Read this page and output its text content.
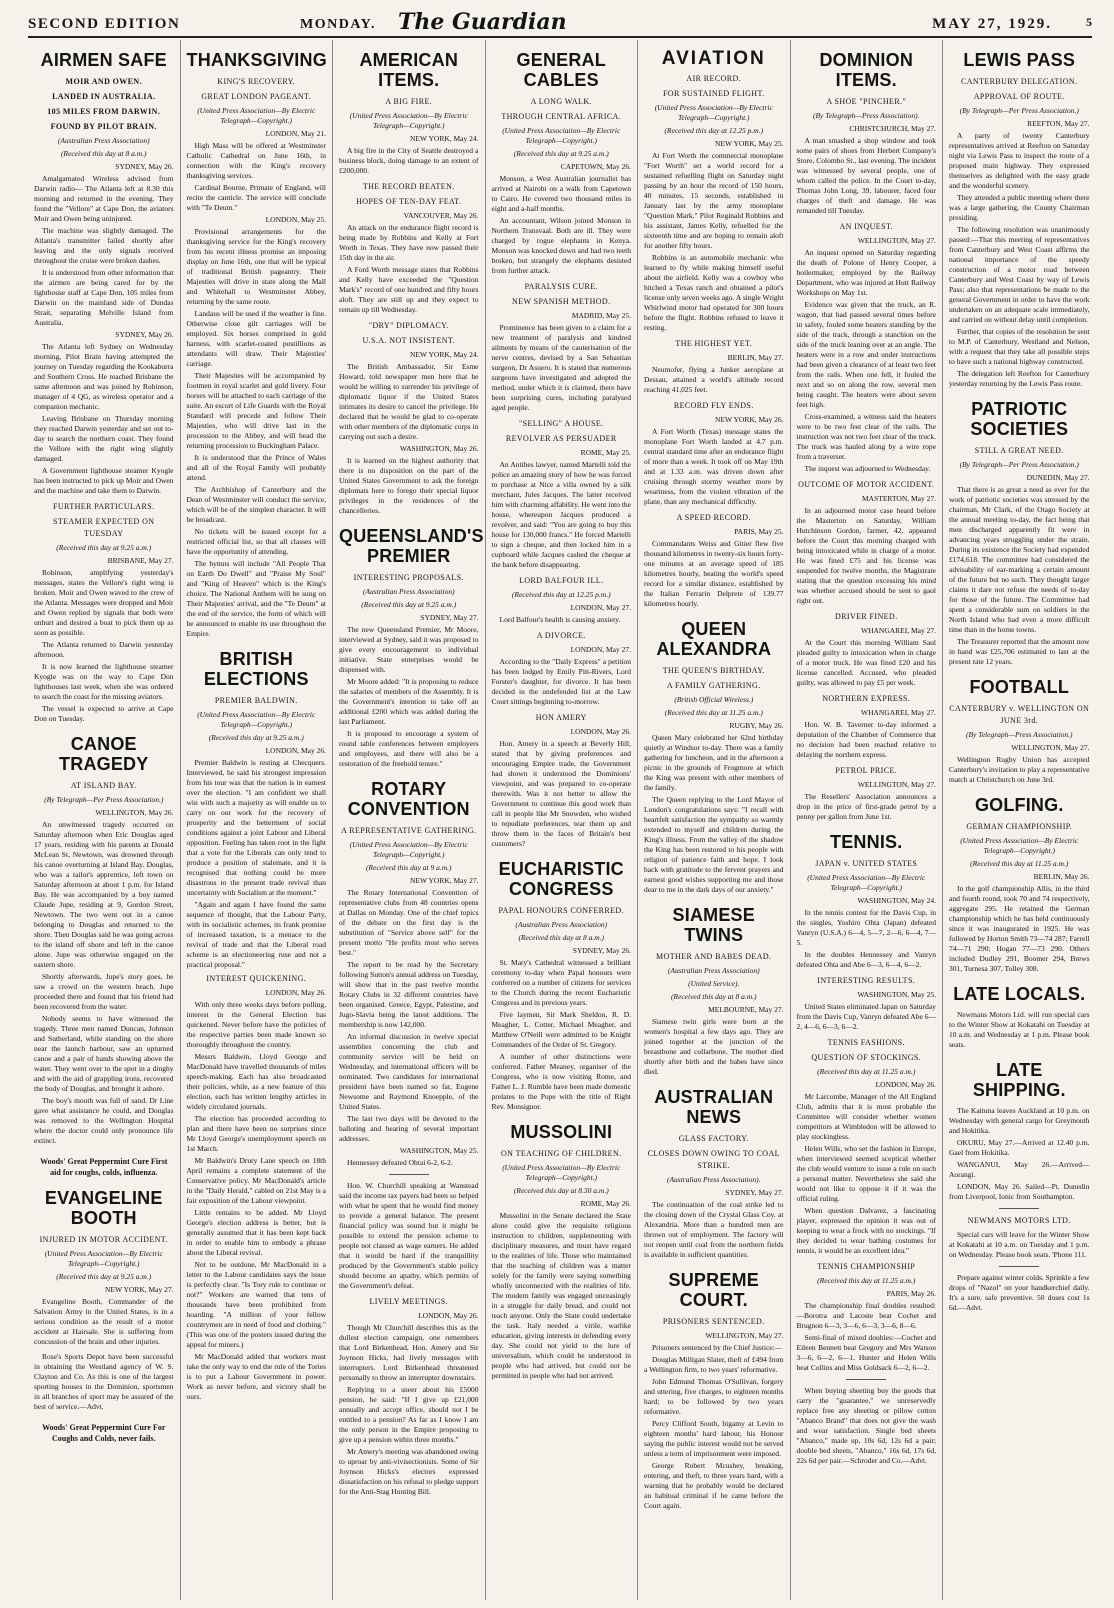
SECOND EDITION	MONDAY.	The Guardian	MAY 27, 1929.	5
AIRMEN SAFE
MOIR AND OWEN.
LANDED IN AUSTRALIA.
105 MILES FROM DARWIN.
FOUND BY PILOT BRAIN.
(Australian Press Association)
(Received this day at 8 a.m.)
SYDNEY, May 26.

Amalgamated Wireless advised from Darwin radio— The Atlanta left at 8.30 this morning and returned in the evening. They found the "Vellore" at Cape Don, the aviators Moir and Owen being uninjured.

The machine was slightly damaged. The Atlanta's transmitter failed shortly after leaving and the only signals received throughout the cruise were broken dashes.

It is understood from other information that the airmen are being cared for by the lighthouse staff at Cape Don, 105 miles from Darwin on the mainland side of Dundas Strait, separating Melville Island from Australia.

SYDNEY, May 26.

The Atlanta left Sydney on Wednesday morning, Pilot Brain having attempted the journey on Tuesday regarding the Kookaburra and Southern Cross. He reached Brisbane the same afternoon and was joined by Robinson, manager of 4 QG, as wireless operator and a companion mechanic.

Leaving Brisbane on Thursday morning they reached Darwin yesterday and set out to-day to search the northern coast. They found the Vellore with the right wing slightly damaged.

A Government lighthouse steamer Kyogle has been instructed to pick up Moir and Owen and the machine and take them to Darwin.

FURTHER PARTICULARS.
STEAMER EXPECTED ON TUESDAY
(Received this day at 9.25 a.m.)
BRISBANE, May 27.

Robinson, amplifying yesterday's messages, states the Vellore's right wing is broken. Moir and Owen waved to the crew of the Atlanta. Messages were dropped and Moir and Owen replied by signals that both were unhurt and desired a boat to pick them up as soon as possible.

The Atlanta returned to Darwin yesterday afternoon.

It is now learned the lighthouse steamer Kyogle was on the way to Cape Don lighthouses last week, when she was ordered to search the coast for the missing aviators.

The vessel is expected to arrive at Cape Don on Tuesday.

CANOE TRAGEDY
AT ISLAND BAY.
(By Telegraph—Per Press Association.)
WELLINGTON, May 26.

An unwitnessed tragedy occurred on Saturday afternoon when Eric Douglas aged 17 years, residing with his parents at Donald McLean St, Newtown, was drowned through his canoe overturning at Island Bay. Douglas, who was a tailor's apprentice, left town on Saturday afternoon at about 1 p.m. for Island Bay. He was accompanied by a boy named Claude Jupe, residing at 9, Gordon Street, Newtown. The two went out in a canoe belonging to Douglas and returned to the shore. Then Douglas said he was going across to the island off shore and left in the canoe alone. Jupe was otherwise engaged on the eastern shore.

Shortly afterwards, Jupe's story goes, he saw a crowd on the western beach. Jupe proceeded there and found that his friend had been recovered from the water.

Nobody seems to have witnessed the tragedy. Three men named Duncan, Johnson and Sutherland, while standing on the shore near the launch harbour, saw an upturned canoe and a pair of hands showing above the water. They went over to the spot in a dinghy and with the aid of grappling irons, recovered the body of Douglas, and brought it ashore.

The boy's mouth was full of sand. Dr Line gave what assistance he could, and Douglas was removed to the Wellington Hospital where the doctor could only pronounce life extinct.

Woods' Great Peppermint Cure First aid for coughs, colds, influenza.
EVANGELINE BOOTH
INJURED IN MOTOR ACCIDENT.
(United Press Association—By Electric Telegraph—Copyright.)
(Received this day at 9.25 a.m.)
NEW YORK, May 27.

Evangeline Booth, Commander of the Salvation Army in the United States, is in a serious condition as the result of a motor accident at Hairsale. She is suffering from concussion of the brain and other injuries.

Rose's Sports Depot have been successful in obtaining the Westland agency of W. S. Clayton and Co. As this is one of the largest sporting houses in the Dominion, sportsmen in all branches of sport may be assured of the best of service.—Advt.

Woods' Great Peppermint Cure For Coughs and Colds, never fails.
THANKSGIVING
KING'S RECOVERY.
GREAT LONDON PAGEANT.
(United Press Association—By Electric Telegraph—Copyright.)
LONDON, May 21.

High Mass will be offered at Westminster Catholic Cathedral on June 16th, in connection with the King's recovery thanksgiving services.

Cardinal Bourne, Primate of England, will recite the canticle. The service will conclude with "Te Deum."

LONDON, May 25.

Provisional arrangements for the thanksgiving service for the King's recovery from his recent illness promise an imposing display on June 16th, one that will be typical of traditional British pageantry. Their Majesties will drive in state along the Mall and Whitehall to Westminster Abbey, returning by the same route.

Landaus will be used if the weather is fine. Otherwise close gilt carriages will be employed. Six horses comprised in gold harness, with scarlet-coated postillions as attendants will draw. Their Majesties' carriage.

Their Majesties will be accompanied by footmen in royal scarlet and gold livery. Four horses will be attached to each carriage of the suite. An escort of Life Guards with the Royal Standard will precede and follow Their Majesties, who will drive last in the procession to the Abbey, and will head the returning procession to Buckingham Palace.

It is understood that the Prince of Wales and all of the Royal Family will probably attend.

The Archbishop of Canterbury and the Dean of Westminster will conduct the service, which will be of the simplest character. It will be broadcast.

No tickets will be issued except for a restricted official list, so that all classes will have the opportunity of attending.

The hymns will include "All People That on Earth Do Dwell" and "Praise My Soul" and "King of Heaven" which is the King's choice. The National Anthem will be sung on Their Majesties' arrival, and the "Te Deum" at the end of the service, the form of which will be announced to enable its use throughout the Empire.

BRITISH ELECTIONS
PREMIER BALDWIN.
(United Press Association—By Electric Telegraph—Copyright.)
(Received this day at 9.25 a.m.)
LONDON, May 26.

Premier Baldwin is resting at Checquers. Interviewed, he said his strongest impression from his tour was that the nation is in earnest over the election. "I am confident we shall win with such a majority as will enable us to carry on our work for the recovery of prosperity and the betterment of social conditions against a joint Labour and Liberal opposition. Feeling has taken root in the fight that a vote for the Liberals can only tend to produce a position of stalemate, and it is recognised that nothing could be more disastrous to the present trade revival than uncertainty with Socialism at the moment."

"Again and again I have found the same sequence of thought, that the Labour Party, with its socialistic schemes, its frank promise of increased taxation, is a menace to the revival of trade and that the Liberal road scheme is an electioneering ruse and not a practical proposal."

INTEREST QUICKENING.
LONDON, May 26.

With only three weeks days before polling, interest in the General Election has quickened. Never before have the policies of the respective parties been made known so thoroughly throughout the country.

Messrs Baldwin, Lloyd George and MacDonald have travelled thousands of miles speech-making. Each has also broadcasted their policies, while, as a new feature of this election, each has written lengthy articles in widely circulated journals.

The election has proceeded according to plan and there have been no surprises since Mr Lloyd George's unemployment speech on 1st March.

Mr Baldwin's Drury Lane speech on 18th April remains a complete statement of the Conservative policy. Mr MacDonald's article in the "Daily Herald," cabled on 21st May is a fair exposition of the Labour viewpoint.

Little remains to be added. Mr Lloyd George's election address is better, but is generally assumed that it has been kept back in order to enable him to embody a phrase about the Liberal revival.

Not to be outdone, Mr MacDonald in a letter to the Labour candidates says the issue is perfectly clear. "Is Tory rule to continue or not?" Workers are warned that tens of thousands have been prohibited from hoarding. "A million of your fellow countrymen are in need of food and clothing." (This was one of the posters issued during the appeal for miners.)

Mr MacDonald added that workers must take the only way to end the rule of the Tories is to put a Labour Government in power. Work as never before, and victory shall be ours.

AMERICAN ITEMS.
A BIG FIRE.
(United Press Association—By Electric Telegraph—Copyright.)
NEW YORK, May 24.

A big fire in the City of Seattle destroyed a business block, doing damage to an extent of £200,000.

THE RECORD BEATEN.
HOPES OF TEN-DAY FEAT.
VANCOUVER, May 26.

An attack on the endurance flight record is being made by Robbins and Kelly at Fort Worth in Texas. They have now passed their 15th day in the air.

A Ford Worth message states that Robbins and Kelly have exceeded the "Question Mark's" record of one hundred and fifty hours aloft. They are still up and they expect to remain up till Wednesday.

"DRY" DIPLOMACY.
U.S.A. NOT INSISTENT.
NEW YORK, May 24.

The British Ambassador, Sir Esme Howard, told newspaper men here that he would be willing to surrender his privilege of diplomatic liquor if the United States intimates its desire to cancel the privilege. He declared that he would be glad to co-operate with other members of the diplomatic corps in carrying out such a desire.

WASHINGTON, May 26.

It is learned on the highest authority that there is no disposition on the part of the United States Government to ask the foreign diplomats here to forego their special liquor privileges in the residences of the chancelleries.

QUEENSLAND'S PREMIER
INTERESTING PROPOSALS.
(Australian Press Association)
(Received this day at 9.25 a.m.)
SYDNEY, May 27.

The new Queensland Premier, Mr Moore, interviewed at Sydney, said it was proposed to give every encouragement to individual initiative. State enterprises would be dispensed with.

Mr Moore added: "It is proposing to reduce the salaries of members of the Assembly. It is the Government's intention to take off an additional £200 which was added during the last Parliament.

It is proposed to encourage a system of round table conferences between employers and employees, and there will also be a restoration of the freehold tenure."

ROTARY CONVENTION
A REPRESENTATIVE GATHERING.
(United Press Association—By Electric Telegraph—Copyright.)
(Received this day at 9 a.m.)
NEW YORK, May 27.

The Rotary International Convention of representative clubs from 48 countries opens at Dallas on Monday. One of the chief topics of the debate on the first day is the substitution of "Service above self" for the present motto "He profits most who serves best."

The report to be read by the Secretary following Sutton's annual address on Tuesday, will show that in the past twelve months Rotary Clubs in 32 different countries have been organised. Greece, Egypt, Palestine, and Jugo-Slavia being the latest additions. The membership is now 142,000.

An informal discussion in twelve special assemblies concerning the club and community service will be held on Wednesday, and international officers will be nominated. Two candidates for international president have been named so far, Eugene Newsome and Raymond Knoepple, of the United States.

The last two days will be devoted to the balloting and hearing of several important addresses.

WASHINGTON, May 25.

Hennessey defeated Ohtai 6-2, 6-2.

Hon. W. Churchill speaking at Wanstead said the income tax payers had been so helped with what he spent that he would find money to provide a general balance. The present financial policy was sound but it might be possible to extend the pension scheme to people not classed as wage earners. He added that it would be hard if the tranquillity produced by the Government's stable policy should become an apathy, which permits of the Government's defeat.

LIVELY MEETINGS.
LONDON, May 26.

Though Mr Churchill describes this as the dullest election campaign, one remembers that Lord Birkenhead, Hon. Amery and Sir Joynson Hicks, had lively messages with interrupters. Lord Birkenhead threatened personally to throw an interrupter downstairs.

Replying to a sneer about his £5000 pension, he said: "If I give up £21,000 annually and accept office, should not I be entitled to a pension? As far as I know I am the only person in the Empire proposing to give up a pension within three months."

Mr Amery's meeting was abandoned owing to uproar by anti-vivisectionists. Some of Sir Joynson Hicks's electors expressed dissatisfaction on his refusal to pledge support for the Anti-Stag Hunting Bill.

GENERAL CABLES
A LONG WALK.
THROUGH CENTRAL AFRICA.
(United Press Association—By Electric Telegraph—Copyright.)
(Received this day at 9.25 a.m.)
CAPETOWN, May 26.

Monson, a West Australian journalist has arrived at Nairobi on a walk from Capetown to Cairo. He covered two thousand miles in eight and a-half months.

An accountant, Wilson joined Monson in Northern Transvaal. Both are ill. They were charged by rogue elephants in Kenya. Monson was knocked down and had two teeth broken, but strangely the elephants desisted from further attack.

PARALYSIS CURE.
NEW SPANISH METHOD.
MADRID, May 25.

Prominence has been given to a claim for a new treatment of paralysis and kindred ailments by means of the cauterisation of the nerve centres, devised by a San Sebastian surgeon, Dr Asuero. It is stated that numerous surgeons have investigated and adopted the method, under which it is claimed, there have been surprising cures, including paralysed aged people.

"SELLING" A HOUSE.
REVOLVER AS PERSUADER
ROME, May 25.

An Antibes lawyer, named Martelli told the police an amazing story of how he was forced to purchase at Nice a villa owned by a silk merchant, Jules Jacques. The latter received him with charming affability. He went into the house, whereupon Jacques produced a revolver, and said: "You are going to buy this house for 130,000 francs." He forced Martelli to sign a cheque, and then locked him in a cupboard while Jacques cashed the cheque at the bank before disappearing.

LORD BALFOUR ILL.
(Received this day at 12.25 p.m.)
LONDON, May 27.

Lord Balfour's health is causing anxiety.

A DIVORCE.
LONDON, May 27.

According to the "Daily Express" a petition has been lodged by Emily Pitt-Rivers, Lord Forster's daughter, for divorce. It has been decided in the undefended list at the Law Court sittings beginning to-morrow.

HON AMERY
LONDON, May 26.

Hon. Amery in a speech at Beverly Hill, stated that by giving preferences and encouraging Empire trade, the Government had shown it understood the Dominions' viewpoint, and was prepared to co-operate therewith. Was it not better to allow the Government to continue this good work than call in people like Mr Snowden, who wished to repudiate preferences, tear them up and throw them in the faces of Britain's best customers?

EUCHARISTIC CONGRESS
PAPAL HONOURS CONFERRED.
(Australian Press Association)
(Received this day at 8 a.m.)
SYDNEY, May 26.

St. Mary's Cathedral witnessed a brilliant ceremony to-day when Papal honours were conferred on a number of citizens for services to the Church during the recent Eucharistic Congress and in previous years.

Five laymen, Sir Mark Sheldon, R. D. Meagher, L. Cotter, Michael Meagher, and Matthew O'Neill were admitted to be Knight Commanders of the Order of St. Gregory.

A number of other distinctions were conferred. Father Meaney, organiser of the Congress, who is now visiting Rome, and Father L. J. Rumble have been made domestic prelates to the Pope with the title of Right Rev. Monsignor.

MUSSOLINI
ON TEACHING OF CHILDREN.
(United Press Association—By Electric Telegraph—Copyright.)
(Received this day at 8.30 a.m.)
ROME, May 26.

Mussolini in the Senate declared the State alone could give the requisite religious instruction to children, supplementing with disciplinary measures, and must have regard to the realities of life. Those who maintained that the teaching of children was a matter solely for the family were saying something wholly unconnected with the realities of life. The modern family was engaged unceasingly in a struggle for daily bread, and could not teach anyone. Only the State could undertake the task. Italy needed a virile, warlike education, giving interests in defending every day. She could not yield to the lure of universalism, which could be understood in people who had arrived, but could not be permitted in people who had not arrived.

AVIATION
AIR RECORD.
FOR SUSTAINED FLIGHT.
(United Press Association—By Electric Telegraph—Copyright.)
(Received this day at 12.25 p.m.)
NEW YORK, May 25.

At Fort Worth the commercial monoplane "Fort Worth" set a world record for a sustained refuelling flight on Saturday night passing by an hour the record of 150 hours, 40 minutes, 15 seconds, established in January last by the army monoplane "Question Mark." Pilot Reginald Robbins and his assistant, James Kelly, refuelled for the sixteenth time and are hoping to remain aloft for another fifty hours.

Robbins is an automobile mechanic who learned to fly while making himself useful about the airfield. Kelly was a cowboy who hitched a Texas ranch and obtained a pilot's license only seven weeks ago. A single Wright Whirlwind motor had operated for 300 hours before the flight. Robbins refused to leave it resting.

THE HIGHEST YET.
BERLIN, May 27.

Neumofer, flying a Junker aeroplane at Dessau, attained a world's altitude record reaching 41,025 feet.

RECORD FLY ENDS.
NEW YORK, May 26.

A Fort Worth (Texas) message states the monoplane Fort Worth landed at 4.7 p.m. central standard time after an endurance flight of more than a week. It took off on May 19th and at 1.33 a.m. was driven down after cruising through stormy weather more by weariness, from the violent vibration of the plane, than any mechanical difficulty.

A SPEED RECORD.
PARIS, May 25.

Commandants Weiss and Gitier flew five thousand kilometres in twenty-six hours forty-one minutes at an average speed of 185 kilometres hourly, beating the world's speed record for a similar distance, established by the Italian Ferrarin Delprete of 139.77 kilometres hourly.

QUEEN ALEXANDRA
THE QUEEN'S BIRTHDAY.
A FAMILY GATHERING.
(British Official Wireless.)
(Received this day at 11.25 a.m.)
RUGBY, May 26.

Queen Mary celebrated her 62nd birthday quietly at Windsor to-day. There was a family gathering for luncheon, and in the afternoon a picnic in the grounds of Frogmore at which the King was present with other members of the family.

The Queen replying to the Lord Mayor of London's congratulations says: "I recall with heartfelt satisfaction the sympathy so warmly extended to myself and children during the King's illness. From the valley of the shadow the King has been restored to his people with religion of patience faith and hope. I look back with gratitude to the fervent prayers and earnest good wishes supporting me and those dear to me in the dark days of our anxiety."

SIAMESE TWINS
MOTHER AND BABES DEAD.
(Australian Press Association)
(United Service).
(Received this day at 8 a.m.)
MELBOURNE, May 27.

Siamese twin girls were born at the women's hospital a few days ago. They are joined together at the junction of the breastbone and collarbone. The mother died shortly after birth and the babes have since died.

AUSTRALIAN NEWS
GLASS FACTORY.
CLOSES DOWN OWING TO COAL STRIKE.
(Australian Press Association).
SYDNEY, May 27.

The continuation of the coal strike led to the closing down of the Crystal Glass Coy. at Alexandria. More than a hundred men are thrown out of employment. The factory will not reopen until coal from the northern fields is available in sufficient quantities.

SUPREME COURT.
PRISONERS SENTENCED.
WELLINGTON, May 27.

Prisoners sentenced by the Chief Justice:—

Douglas Milligan Slater, theft of £494 from a Wellington firm, to two years' reformative.

John Edmund Thomas O'Sullivan, forgery and uttering, five charges, to eighteen months hard; to be followed by two years reformative.

Percy Clifford South, bigamy at Levin to eighteen months' hard labour, his Honour saying the public interest would not be served unless a term of imprisonment were imposed.

George Robert Mcushey, breaking, entering, and theft, to three years hard, with a warning that he probably would be declared an habitual criminal if he came before the Court again.

DOMINION ITEMS.
A SHOE "PINCHER."
(By Telegraph—Press Association).
CHRISTCHURCH, May 27.

A man smashed a shop window and took some pairs of shoes from Herbert Company's Store, Colombo St., last evening. The incident was witnessed by several people, one of whom called the police. In the Court to-day, Thomas John Long, 39, labourer, faced four charges of theft and damage. He was remanded till Tuesday.

AN INQUEST.
WELLINGTON, May 27.

An inquest opened on Saturday regarding the death of Polone of Henry Cooper, a boilermaker, employed by the Railway Department, who was injured at Hutt Railway Workshops on May 1st.

Evidence was given that the truck, an R. wagon, that had passed several times before in safety, fouled some heaters standing by the side of the track, through a stanchion on the side of the truck leaning over at an angle. The heaters were in a row and under instructions had been given a clearance of at least two feet from the rails. When one fell, it fouled the next and so on along the row, several men being caught. The heaters were about seven feet high.

Cross-examined, a witness said the heaters were to be two feet clear of the rails. The instruction was not two feet clear of the truck. The truck was hauled along by a wire rope from a traverser.

The inquest was adjourned to Wednesday.

OUTCOME OF MOTOR ACCIDENT.
MASTERTON, May 27.

In an adjourned motor case heard before the Masterton on Saturday, William Hutchinson Gordon, farmer, 42, appeared before the Court this morning charged with being intoxicated while in charge of a motor. He was fined £75 and his license was suspended for twelve months, the Magistrate stating that the question excessing his mind was whether accused should be sent to gaol right out.

DRIVER FINED.
WHANGAREI, May 27.

At the Court this morning William Saul pleaded guilty to intoxication when in charge of a motor truck. He was fined £20 and his license cancelled. Accused, who pleaded guilty, was allowed to pay £5 per week.

NORTHERN EXPRESS.
WHANGAREI, May 27.

Hon. W. B. Taverner to-day informed a deputation of the Chamber of Commerce that no decision had been reached relative to delaying the northern express.

PETROL PRICE.
WELLINGTON, May 27.

The Resellers' Association announces a drop in the price of first-grade petrol by a penny per gallon from June 1st.

TENNIS.
JAPAN v. UNITED STATES
(United Press Association—By Electric Telegraph—Copyright.)
WASHINGTON, May 24.

In the tennis contest for the Davis Cup, in the singles, Yoshiro Ohta (Japan) defeated Vanryn (U.S.A.) 6—4, 5—7, 2—6, 6—4, 7—5.

In the doubles Hennessey and Vanryn defeated Ohta and Abe 6—3, 6—4, 6—2.

INTERESTING RESULTS.
WASHINGTON, May 25.

United States eliminated Japan on Saturday from the Davis Cup, Vanryn defeated Abe 6—2, 4—6, 6—3, 6—2.

TENNIS FASHIONS.
QUESTION OF STOCKINGS.
(Received this day at 11.25 a.m.)
LONDON, May 26.

Mr Larcombe, Manager of the All England Club, admits that it is most probable the Committee will consider whether women competitors at Wimbledon will be allowed to play stockingless.

Helen Wills, who set the fashion in Europe, when interviewed seemed sceptical whether the club would venture to issue a rule on such a personal matter. Nevertheless she said she would not like to oppose it if it was the official ruling.

When question Dalvarez, a fascinating player, expressed the opinion it was out of keeping to wear a frock with no stockings. "If they decided to wear bathing costumes for tennis, it would be an excellent idea."

TENNIS CHAMPIONSHIP
(Received this day at 11.25 a.m.)
PARIS, May 26.

The championship final doubles resulted:—Borotra and Lacoste beat Cochet and Brugnon 6—3, 3—6, 6—3, 3—6, 8—6.

Semi-final of mixed doubles:—Cochet and Eileen Bennett beat Gregory and Mrs Watson 3—6, 6—2, 6—1. Hunter and Helen Wills beat Collins and Miss Goldsack 6—2, 6—2.

When buying sheeting buy the goods that carry the "guarantee," we unreservedly replace free any sheeting or pillow cotton "Abanco Brand" that does not give the wash and wear satisfaction. Single bed sheets "Abanco," made up, 10s 6d, 12s 6d a pair; double bed sheets, "Abanco," 16s 6d, 17s 6d, 22s 6d per pair.—Schroder and Co.—Advt.

LEWIS PASS
CANTERBURY DELEGATION.
APPROVAL OF ROUTE.
(By Telegraph—Per Press Association.)
REEFTON, May 27.

A party of twenty Canterbury representatives arrived at Reefton on Saturday night via Lewis Pass to inspect the route of a proposed main highway. They expressed themselves as delighted with the easy grade and the wonderful scenery.

They attended a public meeting where there was a large gathering, the County Chairman presiding.

The following resolution was unanimously passed:—That this meeting of representatives from Canterbury and West Coast affirms the national importance of the speedy construction of a motor road between Canterbury and West Coast by way of Lewis Pass; also that representations be made to the general Government in order to have the work undertaken on an adequate scale immediately, and carried on without delay until completion.

Further, that copies of the resolution be sent to M.P. of Canterbury, Westland and Nelson, with a request that they take all possible steps to have such a national highway constructed.

The delegation left Reefton for Canterbury yesterday returning by the Lewis Pass route.

PATRIOTIC SOCIETIES
STILL A GREAT NEED.
(By Telegraph—Per Press Association.)
DUNEDIN, May 27.

That there is as great a need as ever for the work of patriotic societies was stressed by the chairman, Mr Clark, of the Otago Society at the annual meeting to-day, the fact being that men discharged apparently fit were in advancing years struggling under the strain. During its existence the Society had expended £174,618. The committee had considered the advisability of ear-marking a certain amount of the future but no such. They thought larger claims it dare not refuse the needs of to-day for those of the future. The Committee had spent a considerable sum on soldiers in the North Island who had even a more difficult time than in the home towns.

The Treasurer reported that the amount now in hand was £25,706 estimated to last at the present rate 12 years.

FOOTBALL
CANTERBURY v. WELLINGTON ON JUNE 3rd.
(By Telegraph—Press Association.)
WELLINGTON, May 27.

Wellington Rugby Union has accepted Canterbury's invitation to play a representative match at Christchurch on June 3rd.

GOLFING.
GERMAN CHAMPIONSHIP.
(United Press Association—By Electric Telegraph—Copyright.)
(Received this day at 11.25 a.m.)
BERLIN, May 26.

In the golf championship Allis, in the third and fourth round, took 70 and 74 respectively, aggregate 295. He retained the German championship which he has held continuously since it was inaugurated in 1925. He was followed by Horton Smith 73—74 287; Farrell 74—71 290; Hogan 77—73 290. Others included Dudley 291, Boomer 294, Brews 301, Turnesa 307, Tolley 308.

LATE LOCALS.

Newmans Motors Ltd. will run special cars to the Winter Show at Kokatahi on Tuesday at 10 a.m. and Wednesday at 1 p.m. Please book seats.

LATE SHIPPING.

The Kaituna leaves Auckland at 10 p.m. on Wednesday with general cargo for Greymouth and Hokitika.

OKURU, May 27.—Arrived at 12.40 p.m. Gael from Hokitika.

WANGANUI, May 26.—Arrived—Aorangi.

LONDON, May 26. Sailed—Pt. Dunedin from Liverpool, Ionic from Southampton.

NEWMANS MOTORS LTD.

Special cars will leave for the Winter Show at Kokatahi at 10 a.m. on Tuesday and 1 p.m. on Wednesday. Please book seats. 'Phone 111.

Prepare against winter colds. Sprinkle a few drops of "Nazol" on your handkerchief daily. It's a sure, safe preventive. 50 doses cost 1s 6d.—Advt.
